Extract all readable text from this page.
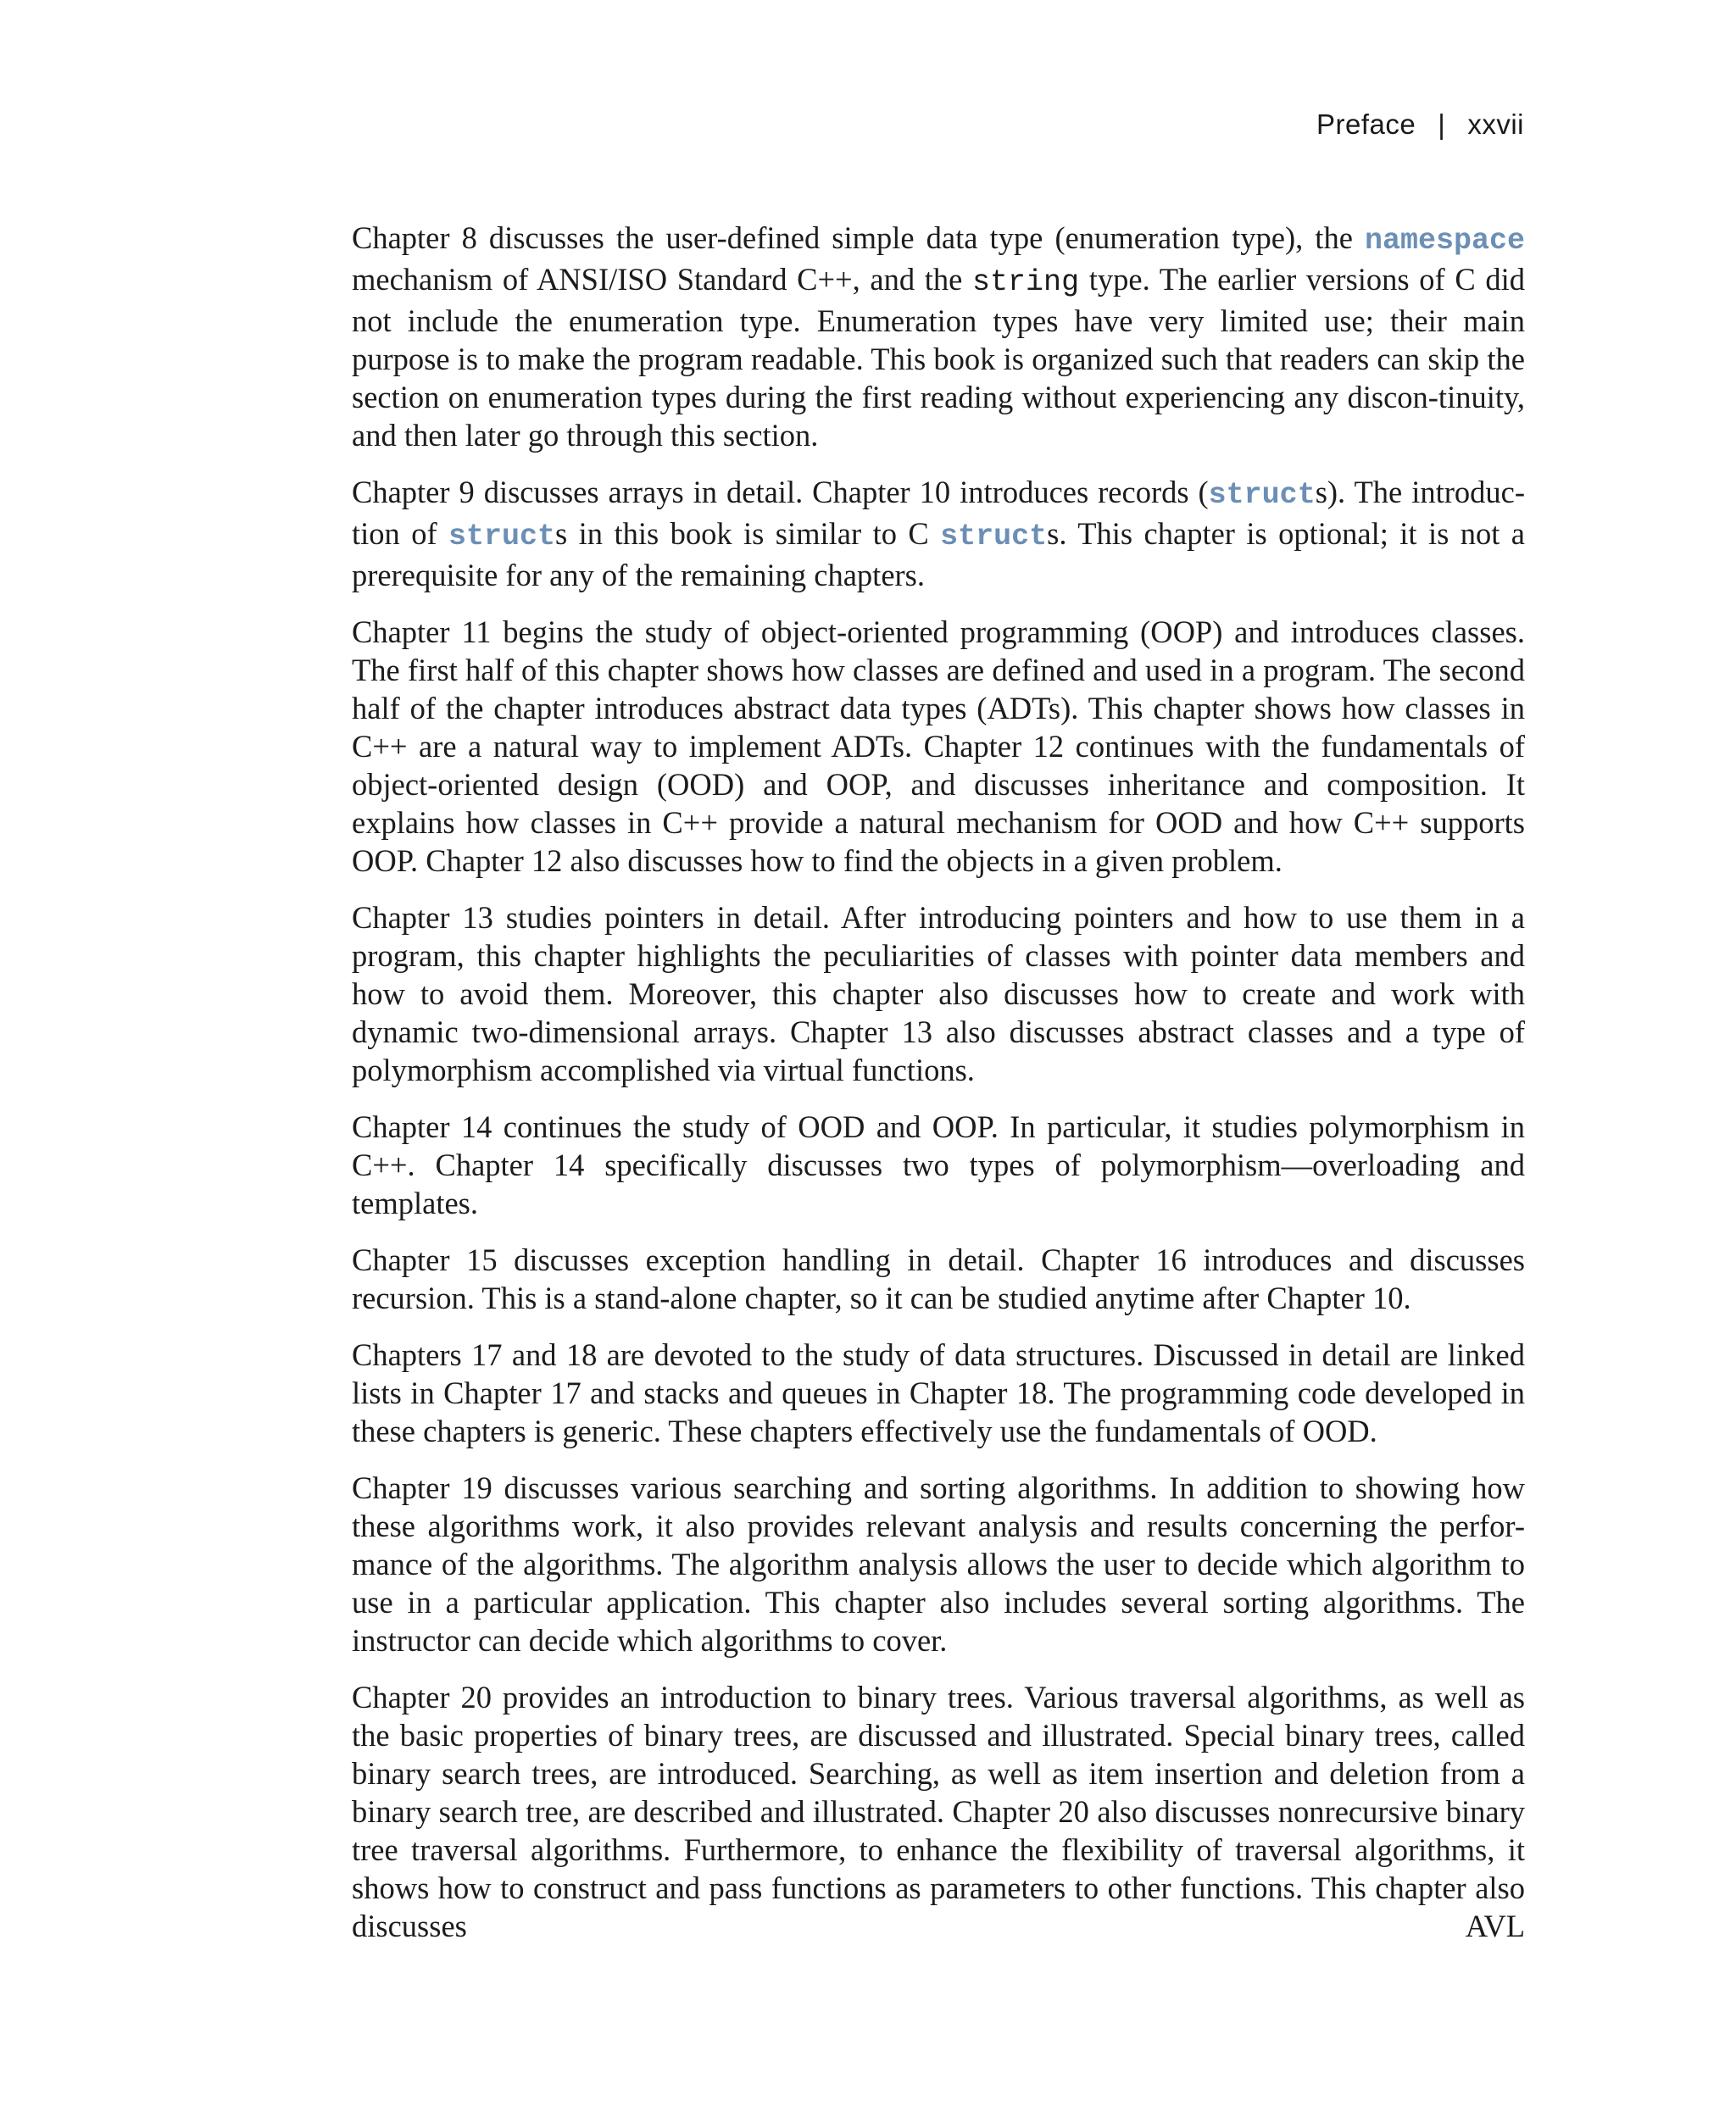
Preface | xxvii

Chapter 8 discusses the user-defined simple data type (enumeration type), the namespace mechanism of ANSI/ISO Standard C++, and the string type. The earlier versions of C did not include the enumeration type. Enumeration types have very limited use; their main purpose is to make the program readable. This book is organized such that readers can skip the section on enumeration types during the first reading without experiencing any discon-tinuity, and then later go through this section.

Chapter 9 discusses arrays in detail. Chapter 10 introduces records (structs). The introduc-tion of structs in this book is similar to C structs. This chapter is optional; it is not a prerequisite for any of the remaining chapters.

Chapter 11 begins the study of object-oriented programming (OOP) and introduces classes. The first half of this chapter shows how classes are defined and used in a program. The second half of the chapter introduces abstract data types (ADTs). This chapter shows how classes in C++ are a natural way to implement ADTs. Chapter 12 continues with the fundamentals of object-oriented design (OOD) and OOP, and discusses inheritance and composition. It explains how classes in C++ provide a natural mechanism for OOD and how C++ supports OOP. Chapter 12 also discusses how to find the objects in a given problem.

Chapter 13 studies pointers in detail. After introducing pointers and how to use them in a program, this chapter highlights the peculiarities of classes with pointer data members and how to avoid them. Moreover, this chapter also discusses how to create and work with dynamic two-dimensional arrays. Chapter 13 also discusses abstract classes and a type of polymorphism accomplished via virtual functions.

Chapter 14 continues the study of OOD and OOP. In particular, it studies polymorphism in C++. Chapter 14 specifically discusses two types of polymorphism—overloading and templates.

Chapter 15 discusses exception handling in detail. Chapter 16 introduces and discusses recursion. This is a stand-alone chapter, so it can be studied anytime after Chapter 10.

Chapters 17 and 18 are devoted to the study of data structures. Discussed in detail are linked lists in Chapter 17 and stacks and queues in Chapter 18. The programming code developed in these chapters is generic. These chapters effectively use the fundamentals of OOD.

Chapter 19 discusses various searching and sorting algorithms. In addition to showing how these algorithms work, it also provides relevant analysis and results concerning the perfor-mance of the algorithms. The algorithm analysis allows the user to decide which algorithm to use in a particular application. This chapter also includes several sorting algorithms. The instructor can decide which algorithms to cover.

Chapter 20 provides an introduction to binary trees. Various traversal algorithms, as well as the basic properties of binary trees, are discussed and illustrated. Special binary trees, called binary search trees, are introduced. Searching, as well as item insertion and deletion from a binary search tree, are described and illustrated. Chapter 20 also discusses nonrecursive binary tree traversal algorithms. Furthermore, to enhance the flexibility of traversal algorithms, it shows how to construct and pass functions as parameters to other functions. This chapter also discusses AVL
